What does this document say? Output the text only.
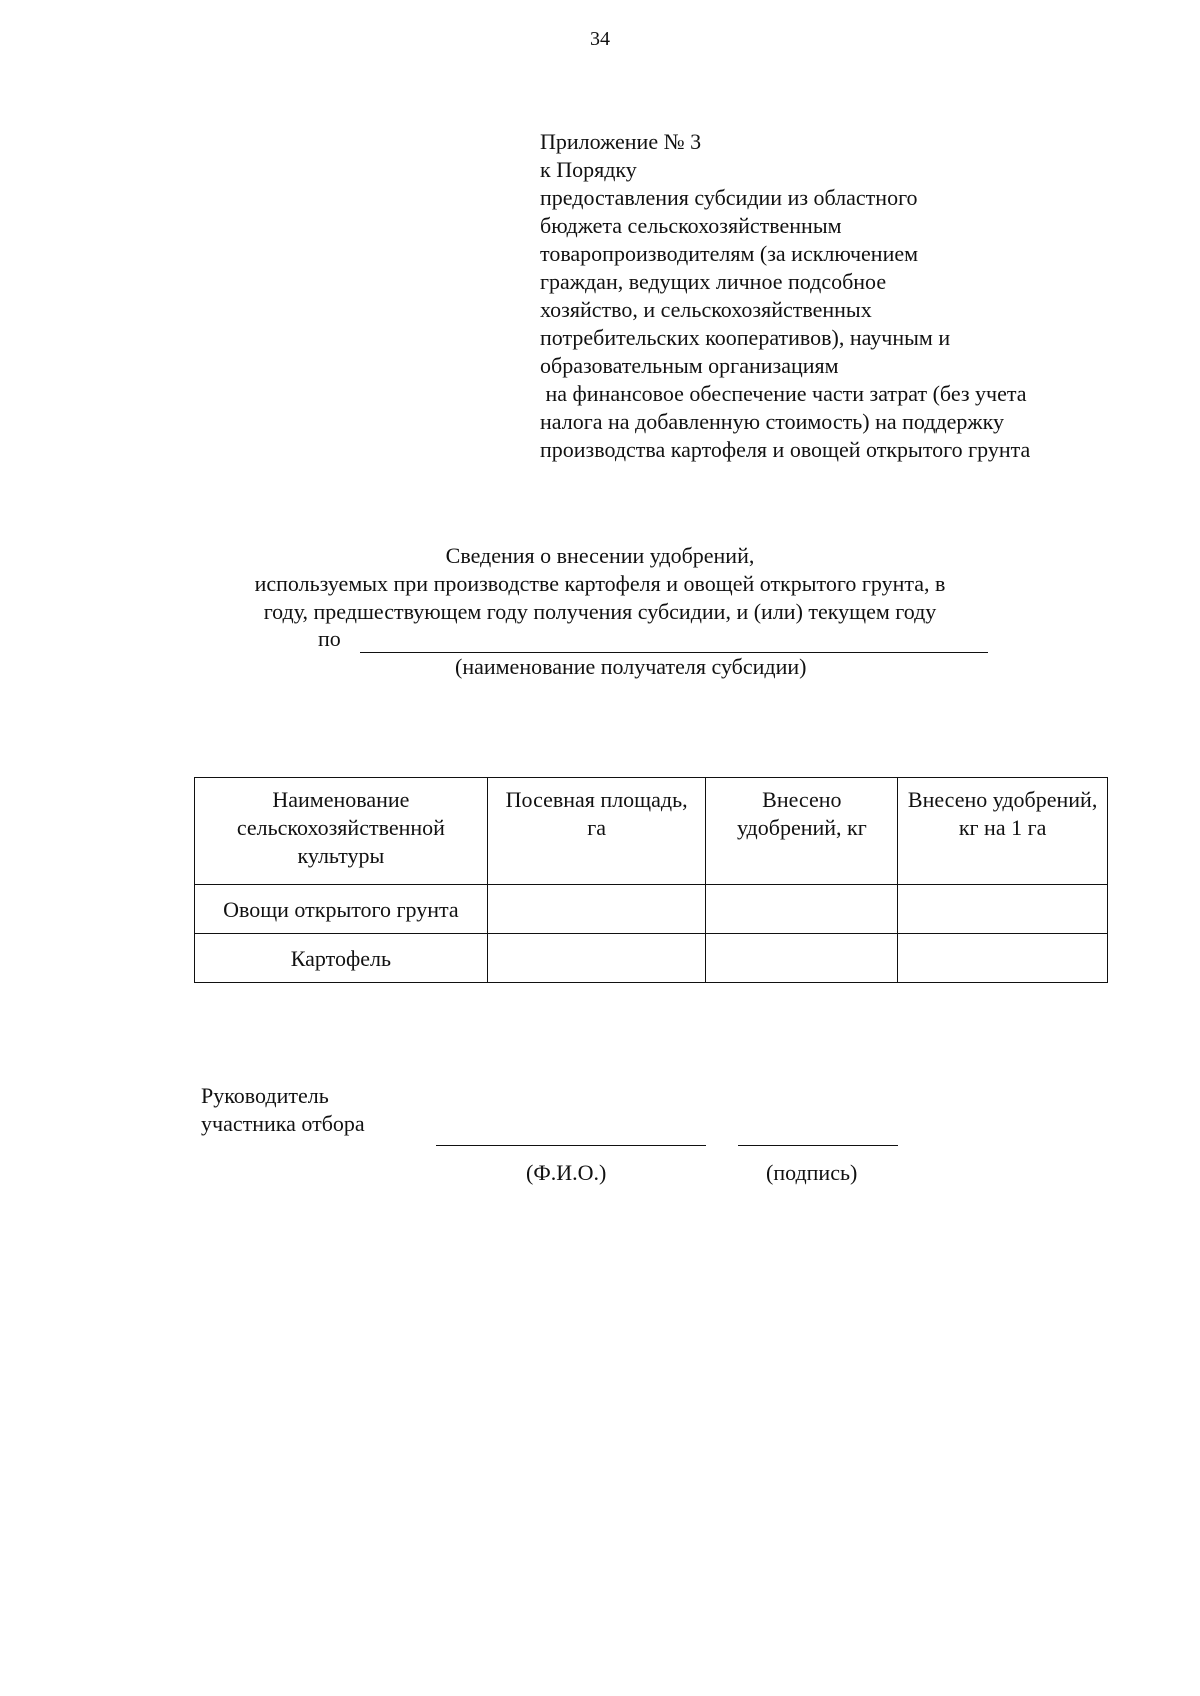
34
Приложение № 3
к Порядку
предоставления субсидии из областного
бюджета сельскохозяйственным
товаропроизводителям (за исключением
граждан, ведущих личное подсобное
хозяйство, и сельскохозяйственных
потребительских кооперативов), научным и
образовательным организациям
на финансовое обеспечение части затрат (без учета
налога на добавленную стоимость) на поддержку
производства картофеля и овощей открытого грунта
Сведения о внесении удобрений,
используемых при производстве картофеля и овощей открытого грунта, в
году, предшествующем году получения субсидии, и (или) текущем году
по
(наименование получателя субсидии)
Наименование сельскохозяйственной культуры	Посевная площадь, га	Внесено удобрений, кг	Внесено удобрений, кг на 1 га
Овощи открытого грунта			
Картофель			
Руководитель
участника отбора
(Ф.И.О.)	(подпись)
